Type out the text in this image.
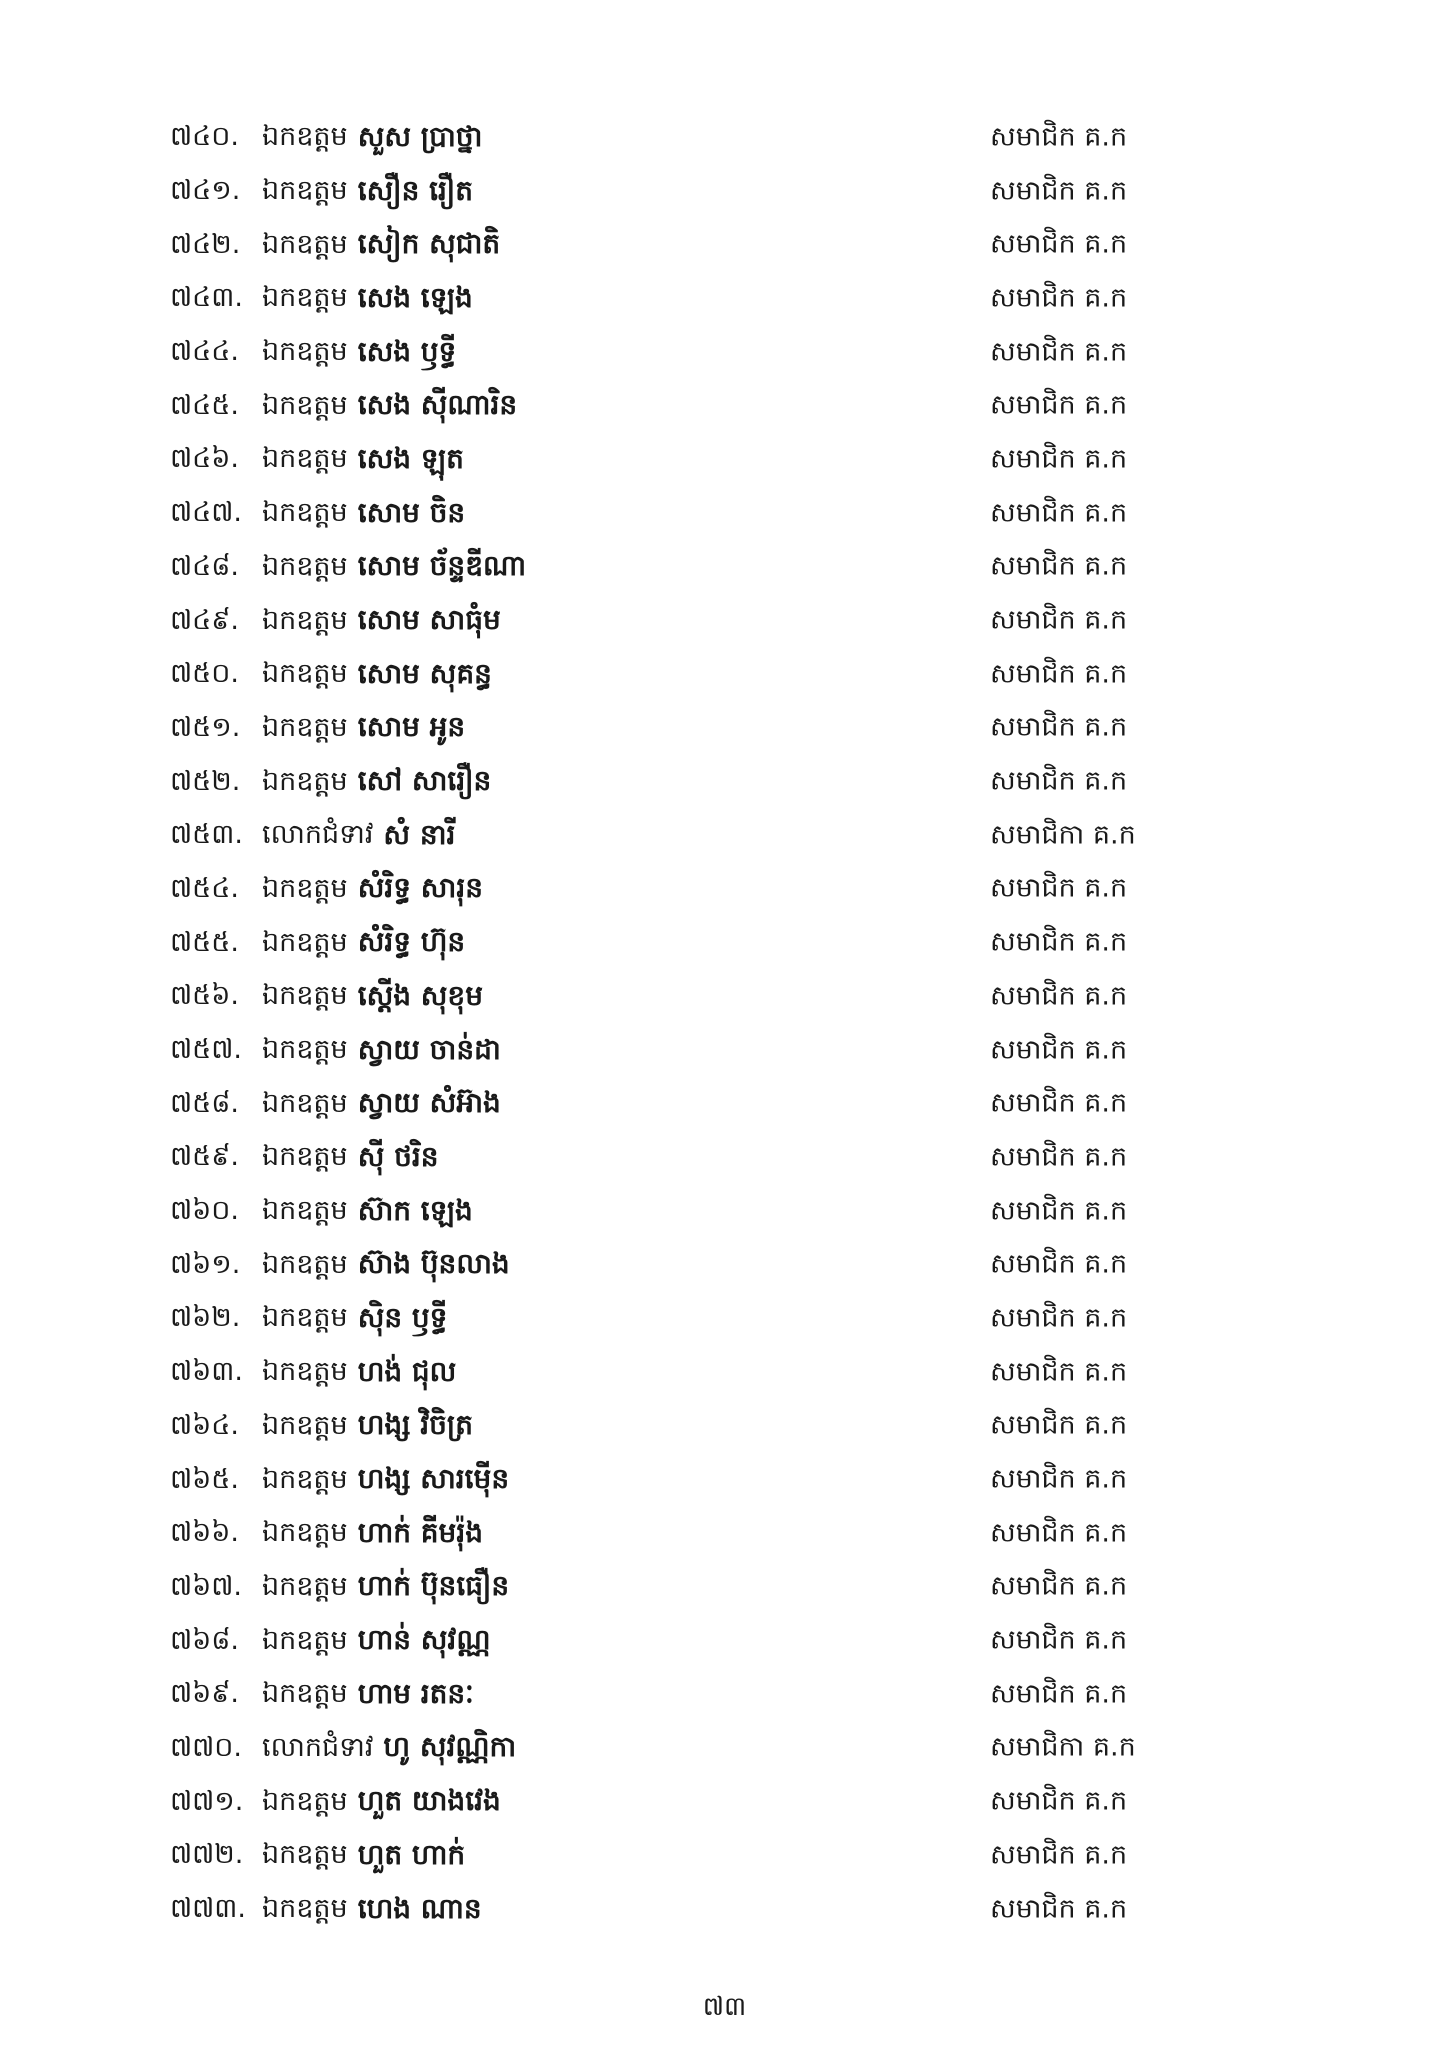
៧៤០. ឯកឧត្តម សួស ប្រាថ្នា	សមាជិក គ.ក
៧៤១. ឯកឧត្តម សឿន រឿត	សមាជិក គ.ក
៧៤២. ឯកឧត្តម សៀក សុជាតិ	សមាជិក គ.ក
៧៤៣. ឯកឧត្តម សេង ឡេង	សមាជិក គ.ក
៧៤៤. ឯកឧត្តម សេង ឫទ្ធី	សមាជិក គ.ក
៧៤៥. ឯកឧត្តម សេង ស៊ីណារិន	សមាជិក គ.ក
៧៤៦. ឯកឧត្តម សេង ឡុត	សមាជិក គ.ក
៧៤៧. ឯកឧត្តម សោម ចិន	សមាជិក គ.ក
៧៤៨. ឯកឧត្តម សោម ច័ន្ទឌីណា	សមាជិក គ.ក
៧៤៩. ឯកឧត្តម សោម សាធុំម	សមាជិក គ.ក
៧៥០. ឯកឧត្តម សោម សុគន្ធ	សមាជិក គ.ក
៧៥១. ឯកឧត្តម សោម អូន	សមាជិក គ.ក
៧៥២. ឯកឧត្តម សៅ សារឿន	សមាជិក គ.ក
៧៥៣. លោកជំទាវ សំ នារី	សមាជិកា គ.ក
៧៥៤. ឯកឧត្តម សំរិទ្ធ សារុន	សមាជិក គ.ក
៧៥៥. ឯកឧត្តម សំរិទ្ធ ហ៊ុន	សមាជិក គ.ក
៧៥៦. ឯកឧត្តម ស្តើង សុខុម	សមាជិក គ.ក
៧៥៧. ឯកឧត្តម ស្វាយ ចាន់ដា	សមាជិក គ.ក
៧៥៨. ឯកឧត្តម ស្វាយ សំអ៊ាង	សមាជិក គ.ក
៧៥៩. ឯកឧត្តម ស៊ី ថរិន	សមាជិក គ.ក
៧៦០. ឯកឧត្តម ស៊ាក ឡេង	សមាជិក គ.ក
៧៦១. ឯកឧត្តម ស៊ាង ប៊ុនលាង	សមាជិក គ.ក
៧៦២. ឯកឧត្តម ស៊ិន ឫទ្ធី	សមាជិក គ.ក
៧៦៣. ឯកឧត្តម ហង់ ជុល	សមាជិក គ.ក
៧៦៤. ឯកឧត្តម ហង្ស វិចិត្រ	សមាជិក គ.ក
៧៦៥. ឯកឧត្តម ហង្ស សារម៉ើន	សមាជិក គ.ក
៧៦៦. ឯកឧត្តម ហាក់ គីមរ៉ុង	សមាជិក គ.ក
៧៦៧. ឯកឧត្តម ហាក់ ប៊ុនធឿន	សមាជិក គ.ក
៧៦៨. ឯកឧត្តម ហាន់ សុវណ្ណ	សមាជិក គ.ក
៧៦៩. ឯកឧត្តម ហាម រតនៈ	សមាជិក គ.ក
៧៧០. លោកជំទាវ ហូ សុវណ្ណិកា	សមាជិកា គ.ក
៧៧១. ឯកឧត្តម ហួត យាងវេង	សមាជិក គ.ក
៧៧២. ឯកឧត្តម ហួត ហាក់	សមាជិក គ.ក
៧៧៣. ឯកឧត្តម ហេង ណាន	សមាជិក គ.ក
៧៣
